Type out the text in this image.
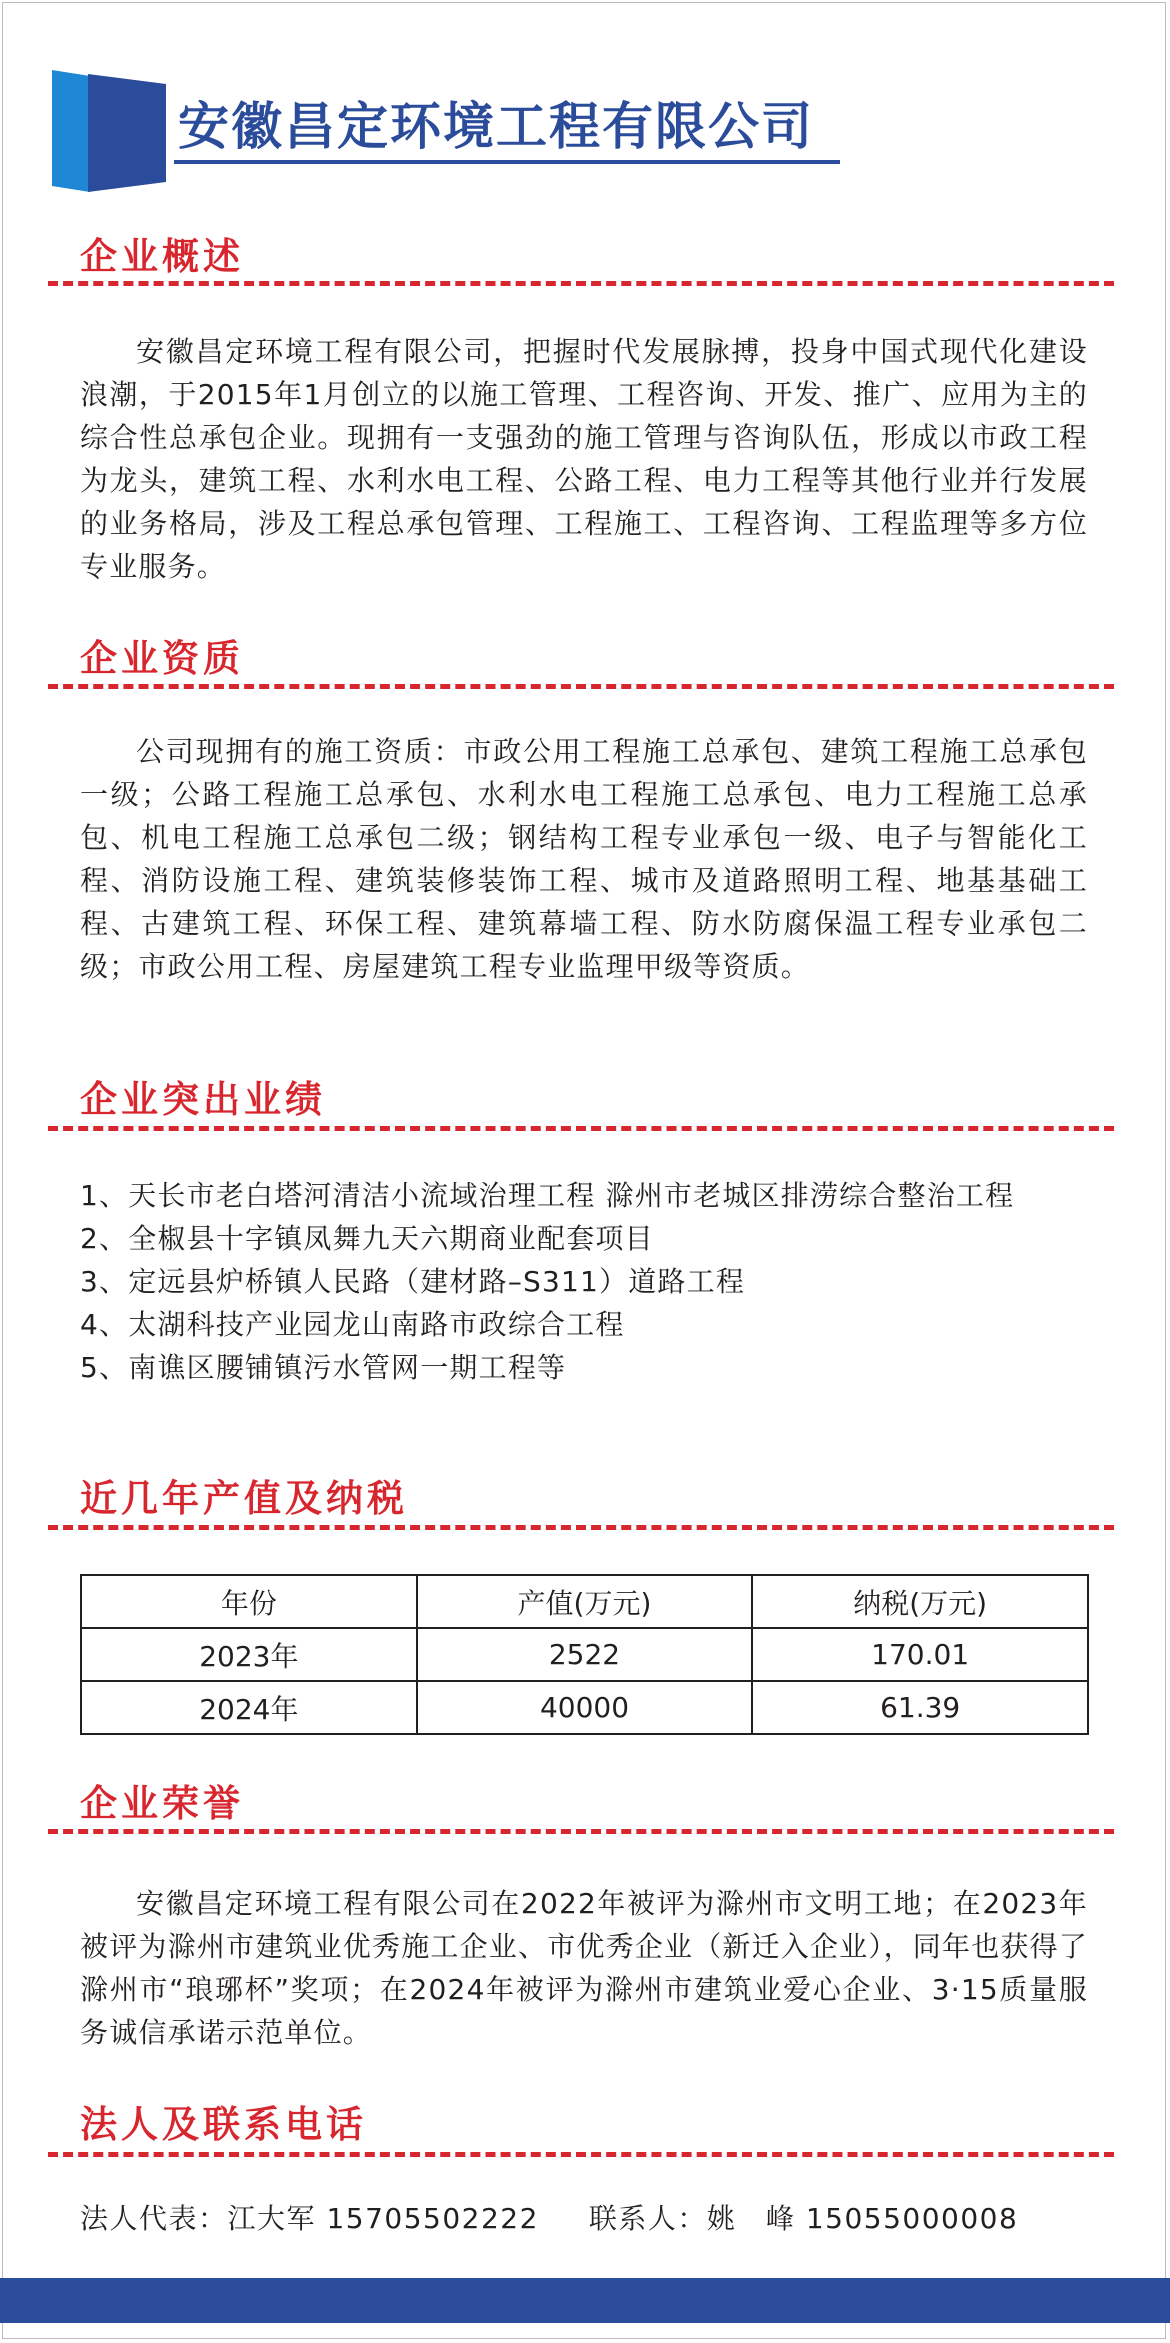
安徽昌定环境工程有限公司
企业概述
安徽昌定环境工程有限公司，把握时代发展脉搏，投身中国式现代化建设浪潮，于2015年1月创立的以施工管理、工程咨询、开发、推广、应用为主的综合性总承包企业。现拥有一支强劲的施工管理与咨询队伍，形成以市政工程为龙头，建筑工程、水利水电工程、公路工程、电力工程等其他行业并行发展的业务格局，涉及工程总承包管理、工程施工、工程咨询、工程监理等多方位专业服务。
企业资质
公司现拥有的施工资质：市政公用工程施工总承包、建筑工程施工总承包一级；公路工程施工总承包、水利水电工程施工总承包、电力工程施工总承包、机电工程施工总承包二级；钢结构工程专业承包一级、电子与智能化工程、消防设施工程、建筑装修装饰工程、城市及道路照明工程、地基基础工程、古建筑工程、环保工程、建筑幕墙工程、防水防腐保温工程专业承包二级；市政公用工程、房屋建筑工程专业监理甲级等资质。
企业突出业绩
1、天长市老白塔河清洁小流域治理工程 滁州市老城区排涝综合整治工程
2、全椒县十字镇凤舞九天六期商业配套项目
3、定远县炉桥镇人民路（建材路–S311）道路工程
4、太湖科技产业园龙山南路市政综合工程
5、南谯区腰铺镇污水管网一期工程等
近几年产值及纳税
年份	产值(万元)	纳税(万元)
2023年	2522	170.01
2024年	40000	61.39
企业荣誉
安徽昌定环境工程有限公司在2022年被评为滁州市文明工地；在2023年被评为滁州市建筑业优秀施工企业、市优秀企业（新迁入企业），同年也获得了滁州市“琅琊杯”奖项；在2024年被评为滁州市建筑业爱心企业、3·15质量服务诚信承诺示范单位。
法人及联系电话
法人代表：江大军 15705502222 联系人：姚　峰 15055000008
